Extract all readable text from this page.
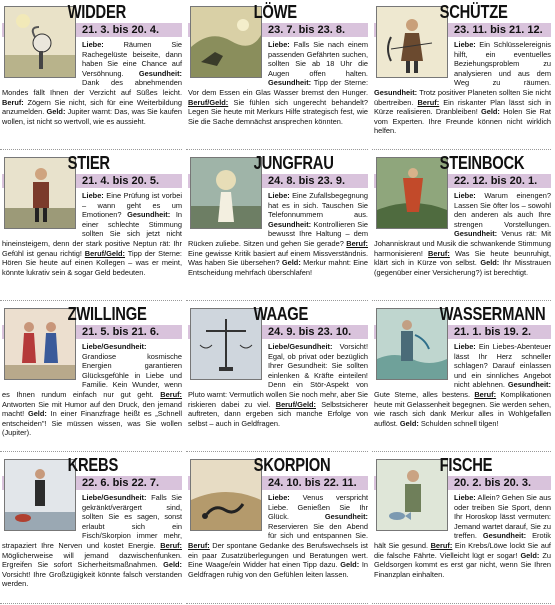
WIDDER
21. 3. bis 20. 4.
Liebe:	Räumen Sie Rachegelüste beiseite, dann haben Sie eine Chance auf Versöhnung. Gesundheit: Dank des abnehmenden Mondes fällt Ihnen der Verzicht auf Süßes leicht. Beruf: Zögern Sie nicht, sich für eine Weiterbildung anzumelden. Geld: Jupiter warnt: Das, was Sie kaufen wollen, ist nicht so wertvoll, wie es aussieht.
LÖWE
23. 7. bis 23. 8.
Liebe: Falls Sie nach einem passenden Gefährten suchen, sollten Sie ab 18 Uhr die Augen offen halten. Gesundheit: Tipp der Sterne: Vor dem Essen ein Glas Wasser bremst den Hunger. Beruf/Geld: Sie fühlen sich ungerecht behandelt? Legen Sie heute mit Merkurs Hilfe strategisch fest, wie Sie die Sache demnächst ansprechen könnten.
SCHÜTZE
23. 11. bis 21. 12.
Liebe: Ein Schlüsselereignis hilft, ein eventuelles Beziehungsproblem zu analysieren und aus dem Weg zu räumen. Gesundheit: Trotz positiver Planeten sollten Sie nicht übertreiben. Beruf: Ein riskanter Plan lässt sich in Kürze realisieren. Dranbleiben! Geld: Holen Sie Rat vom Experten. Ihre Freunde können nicht wirklich helfen.
STIER
21. 4. bis 20. 5.
Liebe: Eine Prüfung ist vorbei – wann geht es um Emotionen? Gesundheit: In einer schlechte Stimmung sollten Sie sich jetzt nicht hineinsteigern, denn der stark positive Neptun rät: Ihr Gefühl ist genau richtig! Beruf/Geld: Tipp der Sterne: Hören Sie heute auf einen Kollegen – was er meint, könnte lukrativ sein & sogar Geld bedeuten.
JUNGFRAU
24. 8. bis 23. 9.
Liebe: Eine Zufallsbegegnung hat es in sich. Tauschen Sie Telefonnummern aus. Gesundheit: Kontrollieren Sie bewusst Ihre Haltung – dem Rücken zuliebe. Sitzen und gehen Sie gerade? Beruf: Eine gewisse Kritik basiert auf einem Missverständnis. Was haben Sie übersehen? Geld: Merkur mahnt: Eine Entscheidung mehrfach überschlafen!
STEINBOCK
22. 12. bis 20. 1.
Liebe: Warum einengen? Lassen Sie öfter los – sowohl den anderen als auch Ihre strengen Vorstellungen. Gesundheit: Venus rät: Mit Johanniskraut und Musik die schwankende Stimmung harmonisieren! Beruf: Was Sie heute beunruhigt, klärt sich in Kürze von selbst. Geld: Ihr Misstrauen (gegenüber einer Versicherung?) ist berechtigt.
ZWILLINGE
21. 5. bis 21. 6.
Liebe/Gesundheit: Grandiose kosmische Energien garantieren Glücksgefühle in Liebe und Familie. Kein Wunder, wenn es Ihnen rundum einfach nur gut geht. Beruf: Antworten Sie mit Humor auf den Druck, den jemand macht! Geld: In einer Finanzfrage heißt es „Schnell entscheiden"! Sie müssen wissen, was Sie wollen (Jupiter).
WAAGE
24. 9. bis 23. 10.
Liebe/Gesundheit: Vorsicht! Egal, ob privat oder bezüglich Ihrer Gesundheit: Sie sollten einlenken & Kräfte einteilen! Denn ein Stör-Aspekt von Pluto warnt: Vermutlich wollen Sie noch mehr, aber Sie riskieren dabei zu viel. Beruf/Geld: Selbstsicherer auftreten, dann ergeben sich manche Erfolge von selbst – auch in Geldfragen.
WASSERMANN
21. 1. bis 19. 2.
Liebe: Ein Liebes-Abenteuer lässt Ihr Herz schneller schlagen? Darauf einlassen und ein sinnliches Angebot nicht ablehnen. Gesundheit: Gute Sterne, alles bestens. Beruf: Komplikationen heute mit Gelassenheit begegnen. Sie werden sehen, wie rasch sich dank Merkur alles in Wohlgefallen auflöst. Geld: Schulden schnell tilgen!
KREBS
22. 6. bis 22. 7.
Liebe/Gesundheit: Falls Sie gekränkt/verärgert sind, sollten Sie es sagen, sonst erlaubt sich ein Fisch/Skorpion immer mehr, strapaziert Ihre Nerven und kostet Energie. Beruf: Möglicherweise will jemand dazwischenfunken. Ergreifen Sie sofort Sicherheitsmaßnahmen. Geld: Vorsicht! Ihre Großzügigkeit könnte falsch verstanden werden.
SKORPION
24. 10. bis 22. 11.
Liebe: Venus verspricht Liebe. Genießen Sie Ihr Glück.	Gesundheit: Reservieren Sie den Abend für sich und entspannen Sie. Beruf: Der spontane Gedanke des Berufswechsels ist ein paar Zusatzüberlegungen und Beratungen wert. Eine Waage/ein Widder hat einen Tipp dazu. Geld: In Geldfragen ruhig von den Gefühlen leiten lassen.
FISCHE
20. 2. bis 20. 3.
Liebe: Allein? Gehen Sie aus oder treiben Sie Sport, denn Ihr Horoskop lässt vermuten: Jemand wartet darauf, Sie zu treffen. Gesundheit: Erotik hält Sie gesund. Beruf: Ein Krebs/Löwe lockt Sie auf die falsche Fährte. Vielleicht lügt er sogar! Geld: Zu Geldsorgen kommt es erst gar nicht, wenn Sie Ihren Finanzplan einhalten.
